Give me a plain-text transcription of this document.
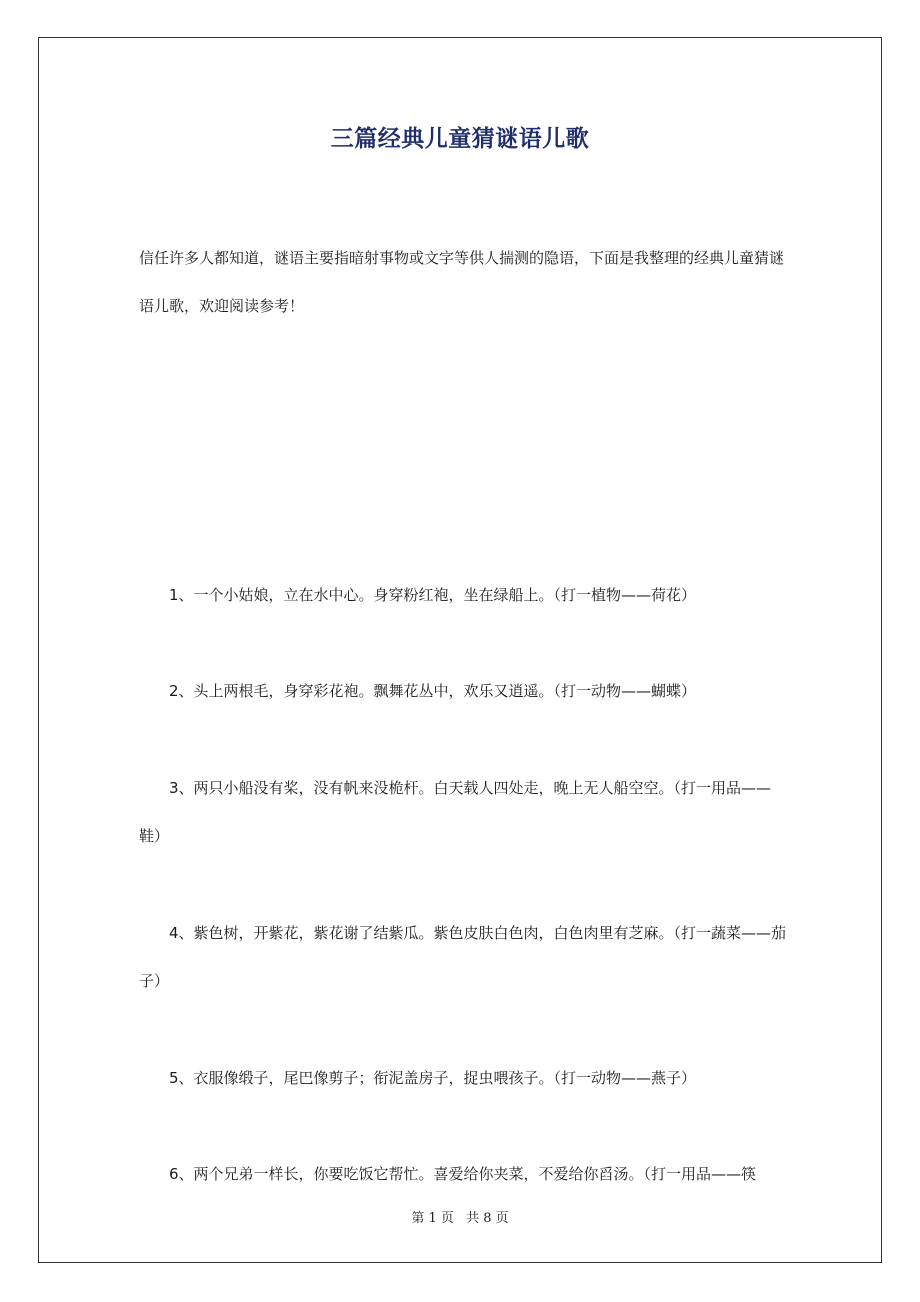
三篇经典儿童猜谜语儿歌

信任许多人都知道，谜语主要指暗射事物或文字等供人揣测的隐语，下面是我整理的经典儿童猜谜语儿歌，欢迎阅读参考！

1、一个小姑娘，立在水中心。身穿粉红袍，坐在绿船上。（打一植物——荷花）

2、头上两根毛，身穿彩花袍。飘舞花丛中，欢乐又逍遥。（打一动物——蝴蝶）

3、两只小船没有桨，没有帆来没桅杆。白天载人四处走，晚上无人船空空。（打一用品——鞋）

4、紫色树，开紫花，紫花谢了结紫瓜。紫色皮肤白色肉，白色肉里有芝麻。（打一蔬菜——茄子）

5、衣服像缎子，尾巴像剪子；衔泥盖房子，捉虫喂孩子。（打一动物——燕子）

6、两个兄弟一样长，你要吃饭它帮忙。喜爱给你夹菜，不爱给你舀汤。（打一用品——筷

第 1 页 共 8 页
